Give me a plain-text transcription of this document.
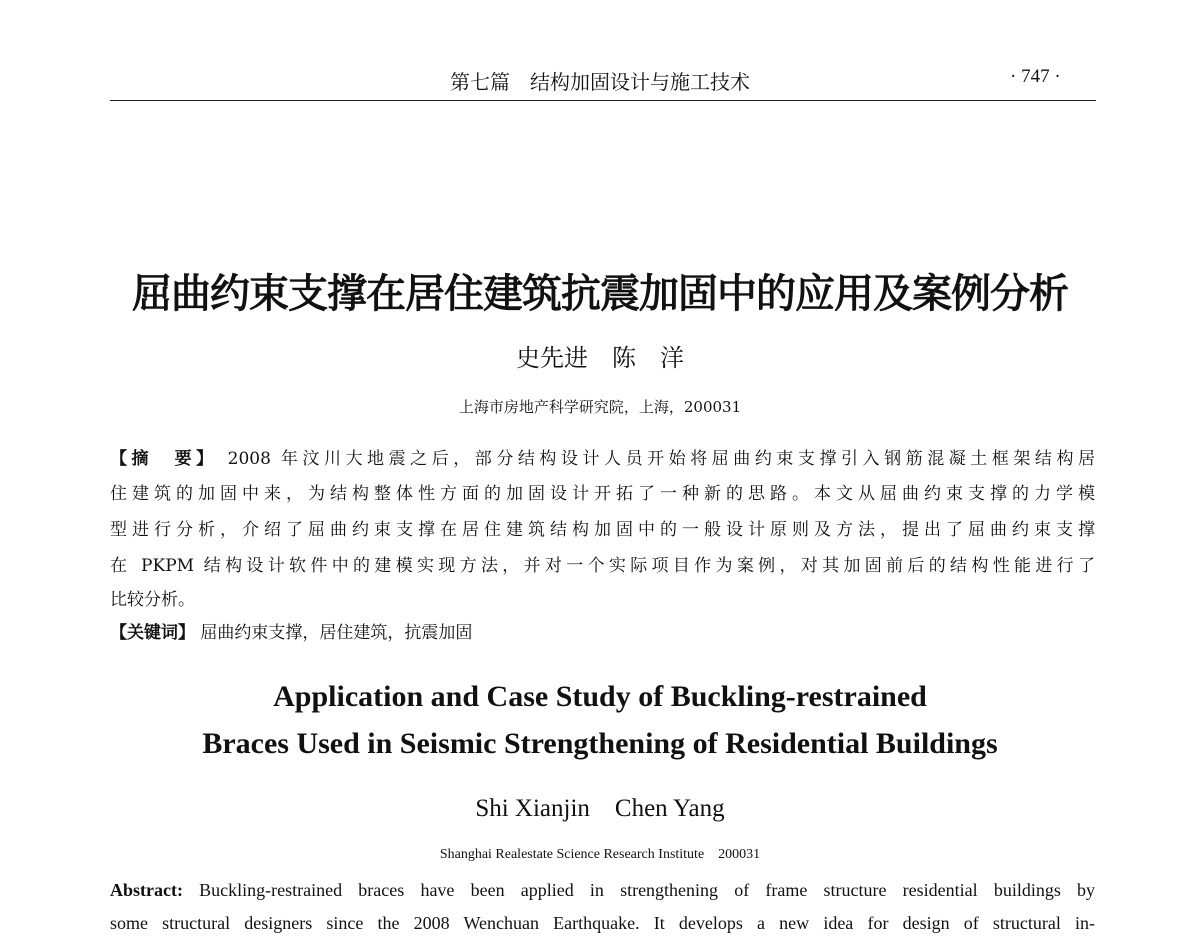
第七篇　结构加固设计与施工技术	· 747 ·
屈曲约束支撑在居住建筑抗震加固中的应用及案例分析
史先进　陈　洋
上海市房地产科学研究院，上海，200031
【摘　要】 2008 年汶川大地震之后，部分结构设计人员开始将屈曲约束支撑引入钢筋混凝土框架结构居
住建筑的加固中来，为结构整体性方面的加固设计开拓了一种新的思路。本文从屈曲约束支撑的力学模
型进行分析，介绍了屈曲约束支撑在居住建筑结构加固中的一般设计原则及方法，提出了屈曲约束支撑
在 PKPM 结构设计软件中的建模实现方法，并对一个实际项目作为案例，对其加固前后的结构性能进行了
比较分析。
【关键词】 屈曲约束支撑，居住建筑，抗震加固
Application and Case Study of Buckling-restrained
Braces Used in Seismic Strengthening of Residential Buildings
Shi Xianjin　Chen Yang
Shanghai Realestate Science Research Institute　200031
Abstract: Buckling-restrained braces have been applied in strengthening of frame structure residential buildings by
some structural designers since the 2008 Wenchuan Earthquake. It develops a new idea for design of structural in-
